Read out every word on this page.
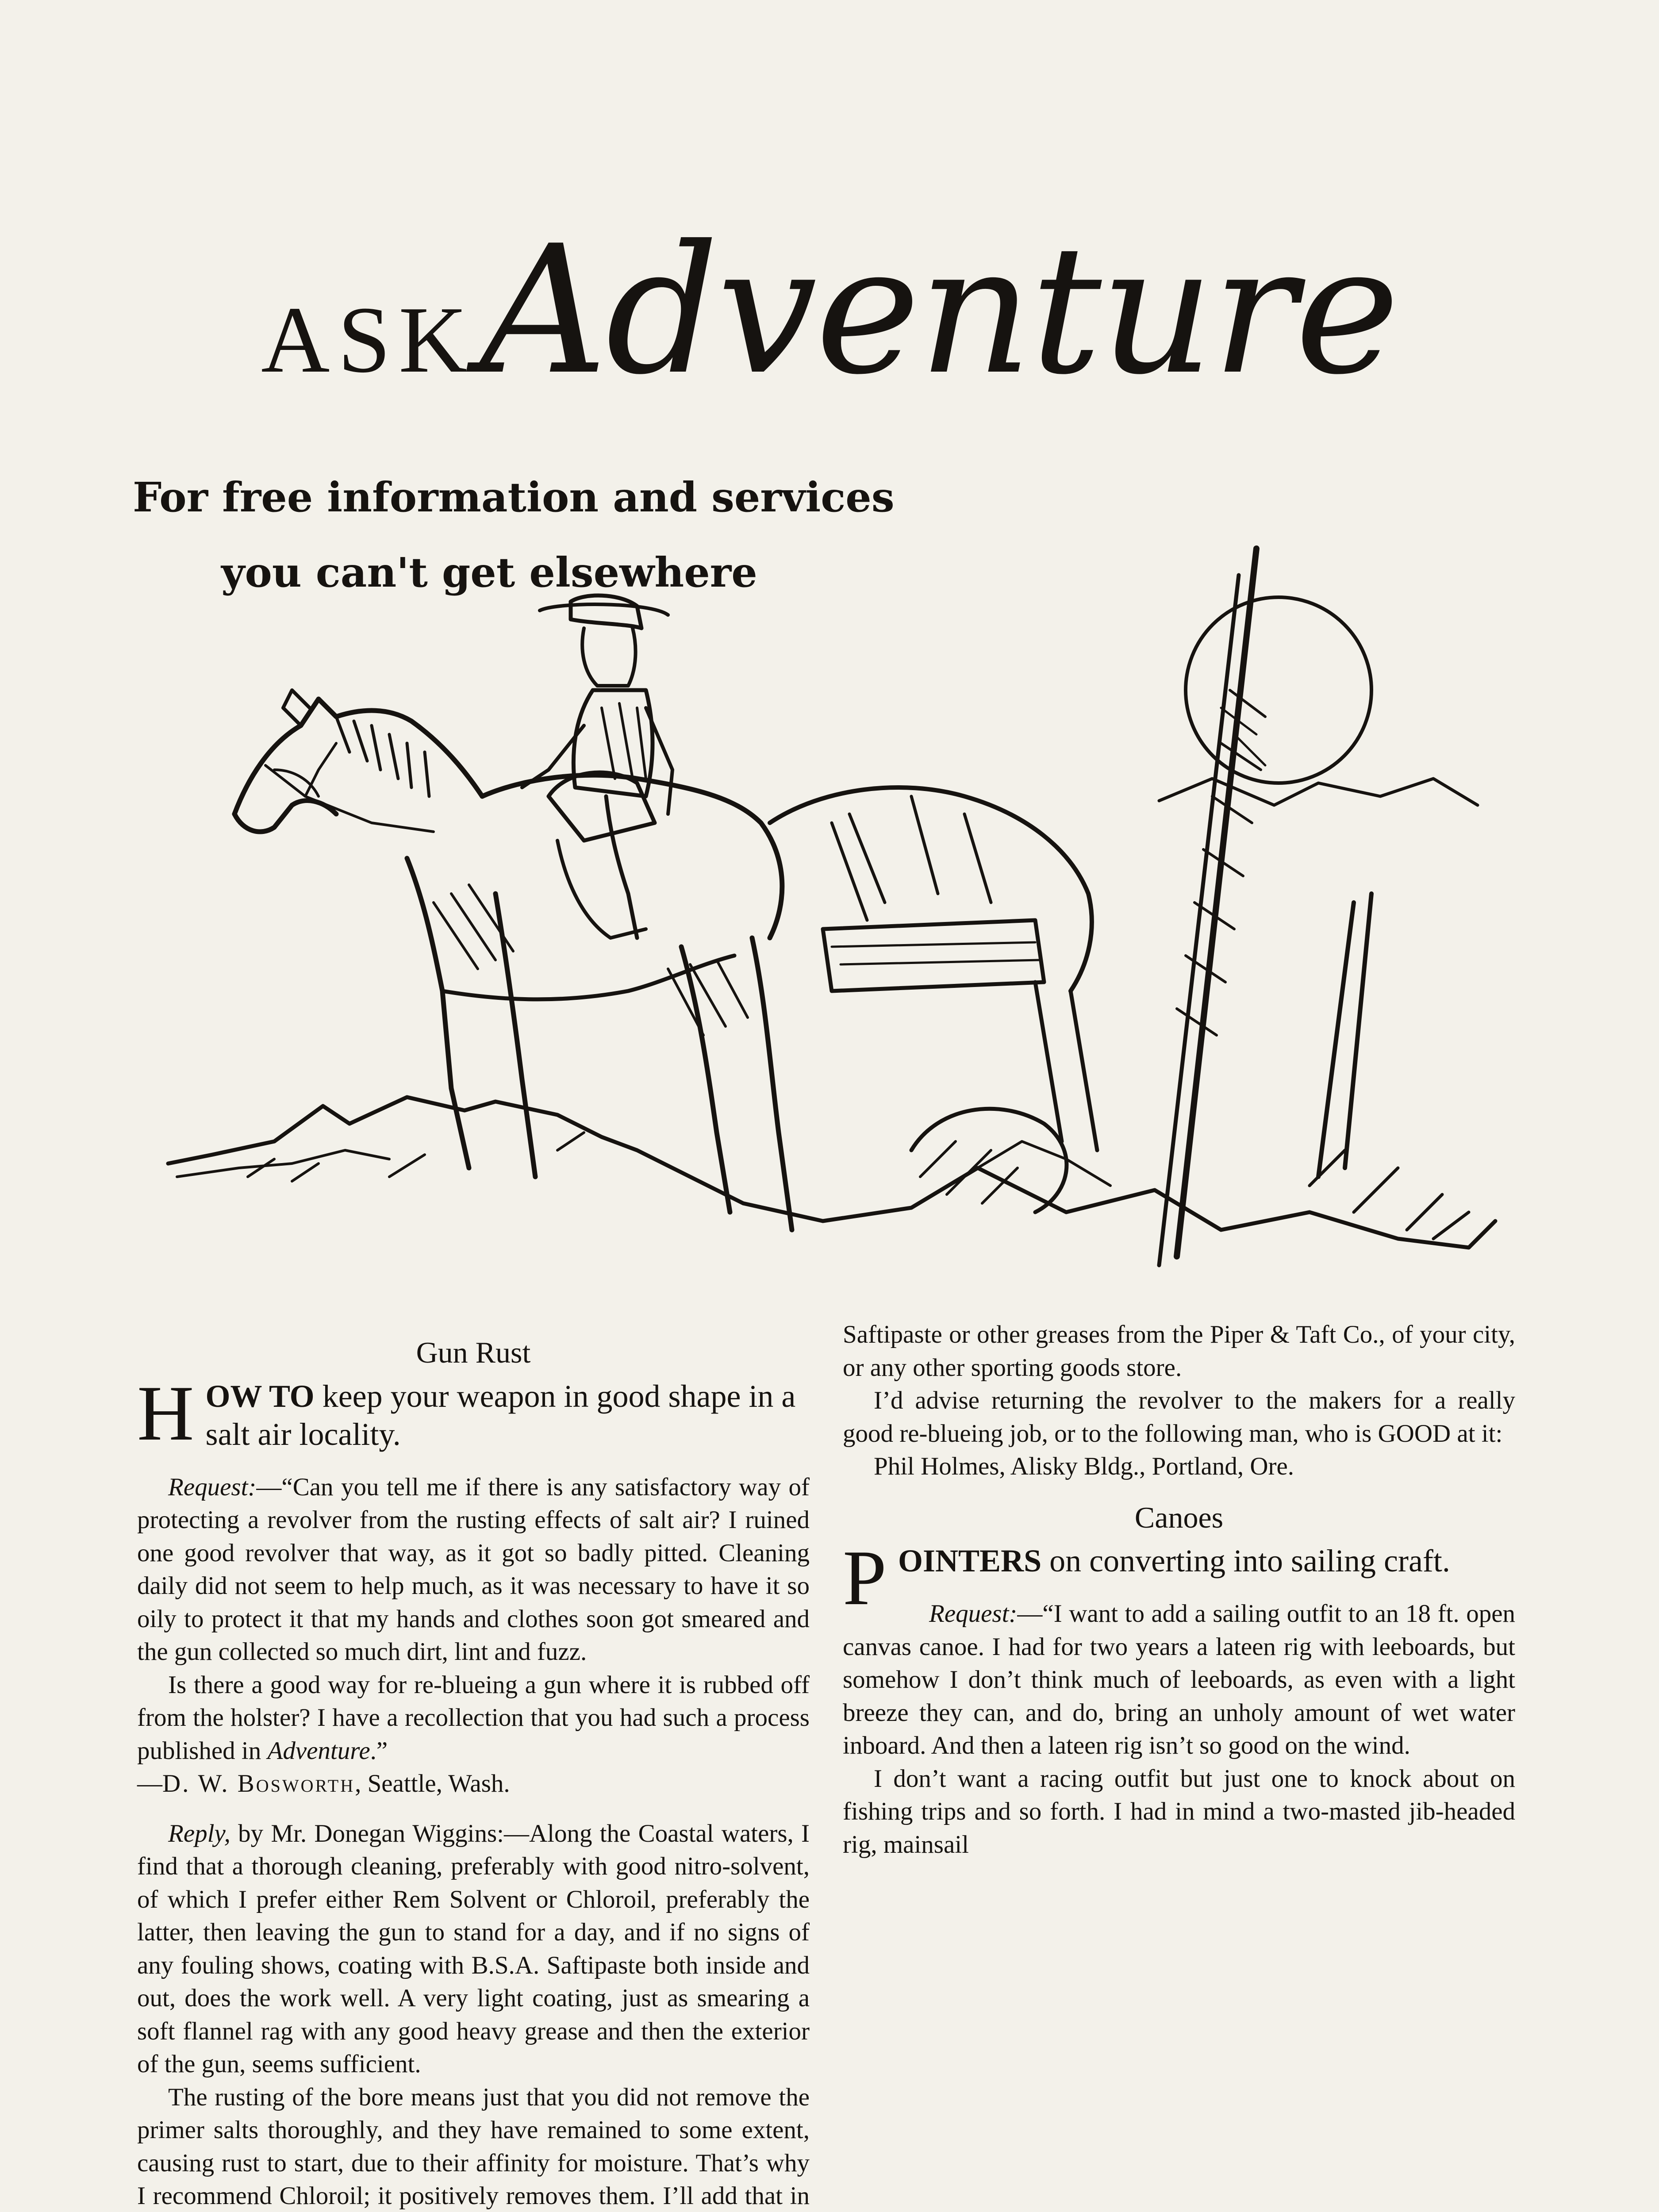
ASKAdventure
For free information and services
you can't get elsewhere
Gun Rust
HOW TO keep your weapon in good shape in a salt air locality.

Request:—“Can you tell me if there is any satisfactory way of protecting a revolver from the rusting effects of salt air? I ruined one good revolver that way, as it got so badly pitted. Cleaning daily did not seem to help much, as it was necessary to have it so oily to protect it that my hands and clothes soon got smeared and the gun collected so much dirt, lint and fuzz.

Is there a good way for re-blueing a gun where it is rubbed off from the holster? I have a recollection that you had such a process published in Adventure.”

—D. W. Bosworth, Seattle, Wash.

Reply, by Mr. Donegan Wiggins:—Along the Coastal waters, I find that a thorough cleaning, preferably with good nitro-solvent, of which I prefer either Rem Solvent or Chloroil, preferably the latter, then leaving the gun to stand for a day, and if no signs of any fouling shows, coating with B.S.A. Saftipaste both inside and out, does the work well. A very light coating, just as smearing a soft flannel rag with any good heavy grease and then the exterior of the gun, seems sufficient.

The rusting of the bore means just that you did not remove the primer salts thoroughly, and they have remained to some extent, causing rust to start, due to their affinity for moisture. That’s why I recommend Chloroil; it positively removes them. I’ll add that in

Saftipaste or other greases from the Piper & Taft Co., of your city, or any other sporting goods store.

I’d advise returning the revolver to the makers for a really good re-blueing job, or to the following man, who is GOOD at it:

Phil Holmes, Alisky Bldg., Portland, Ore.

Canoes
POINTERS on converting into sailing craft.

Request:—“I want to add a sailing outfit to an 18 ft. open canvas canoe. I had for two years a lateen rig with leeboards, but somehow I don’t think much of leeboards, as even with a light breeze they can, and do, bring an unholy amount of wet water inboard. And then a lateen rig isn’t so good on the wind.

I don’t want a racing outfit but just one to knock about on fishing trips and so forth. I had in mind a two-masted jib-headed rig, mainsail
